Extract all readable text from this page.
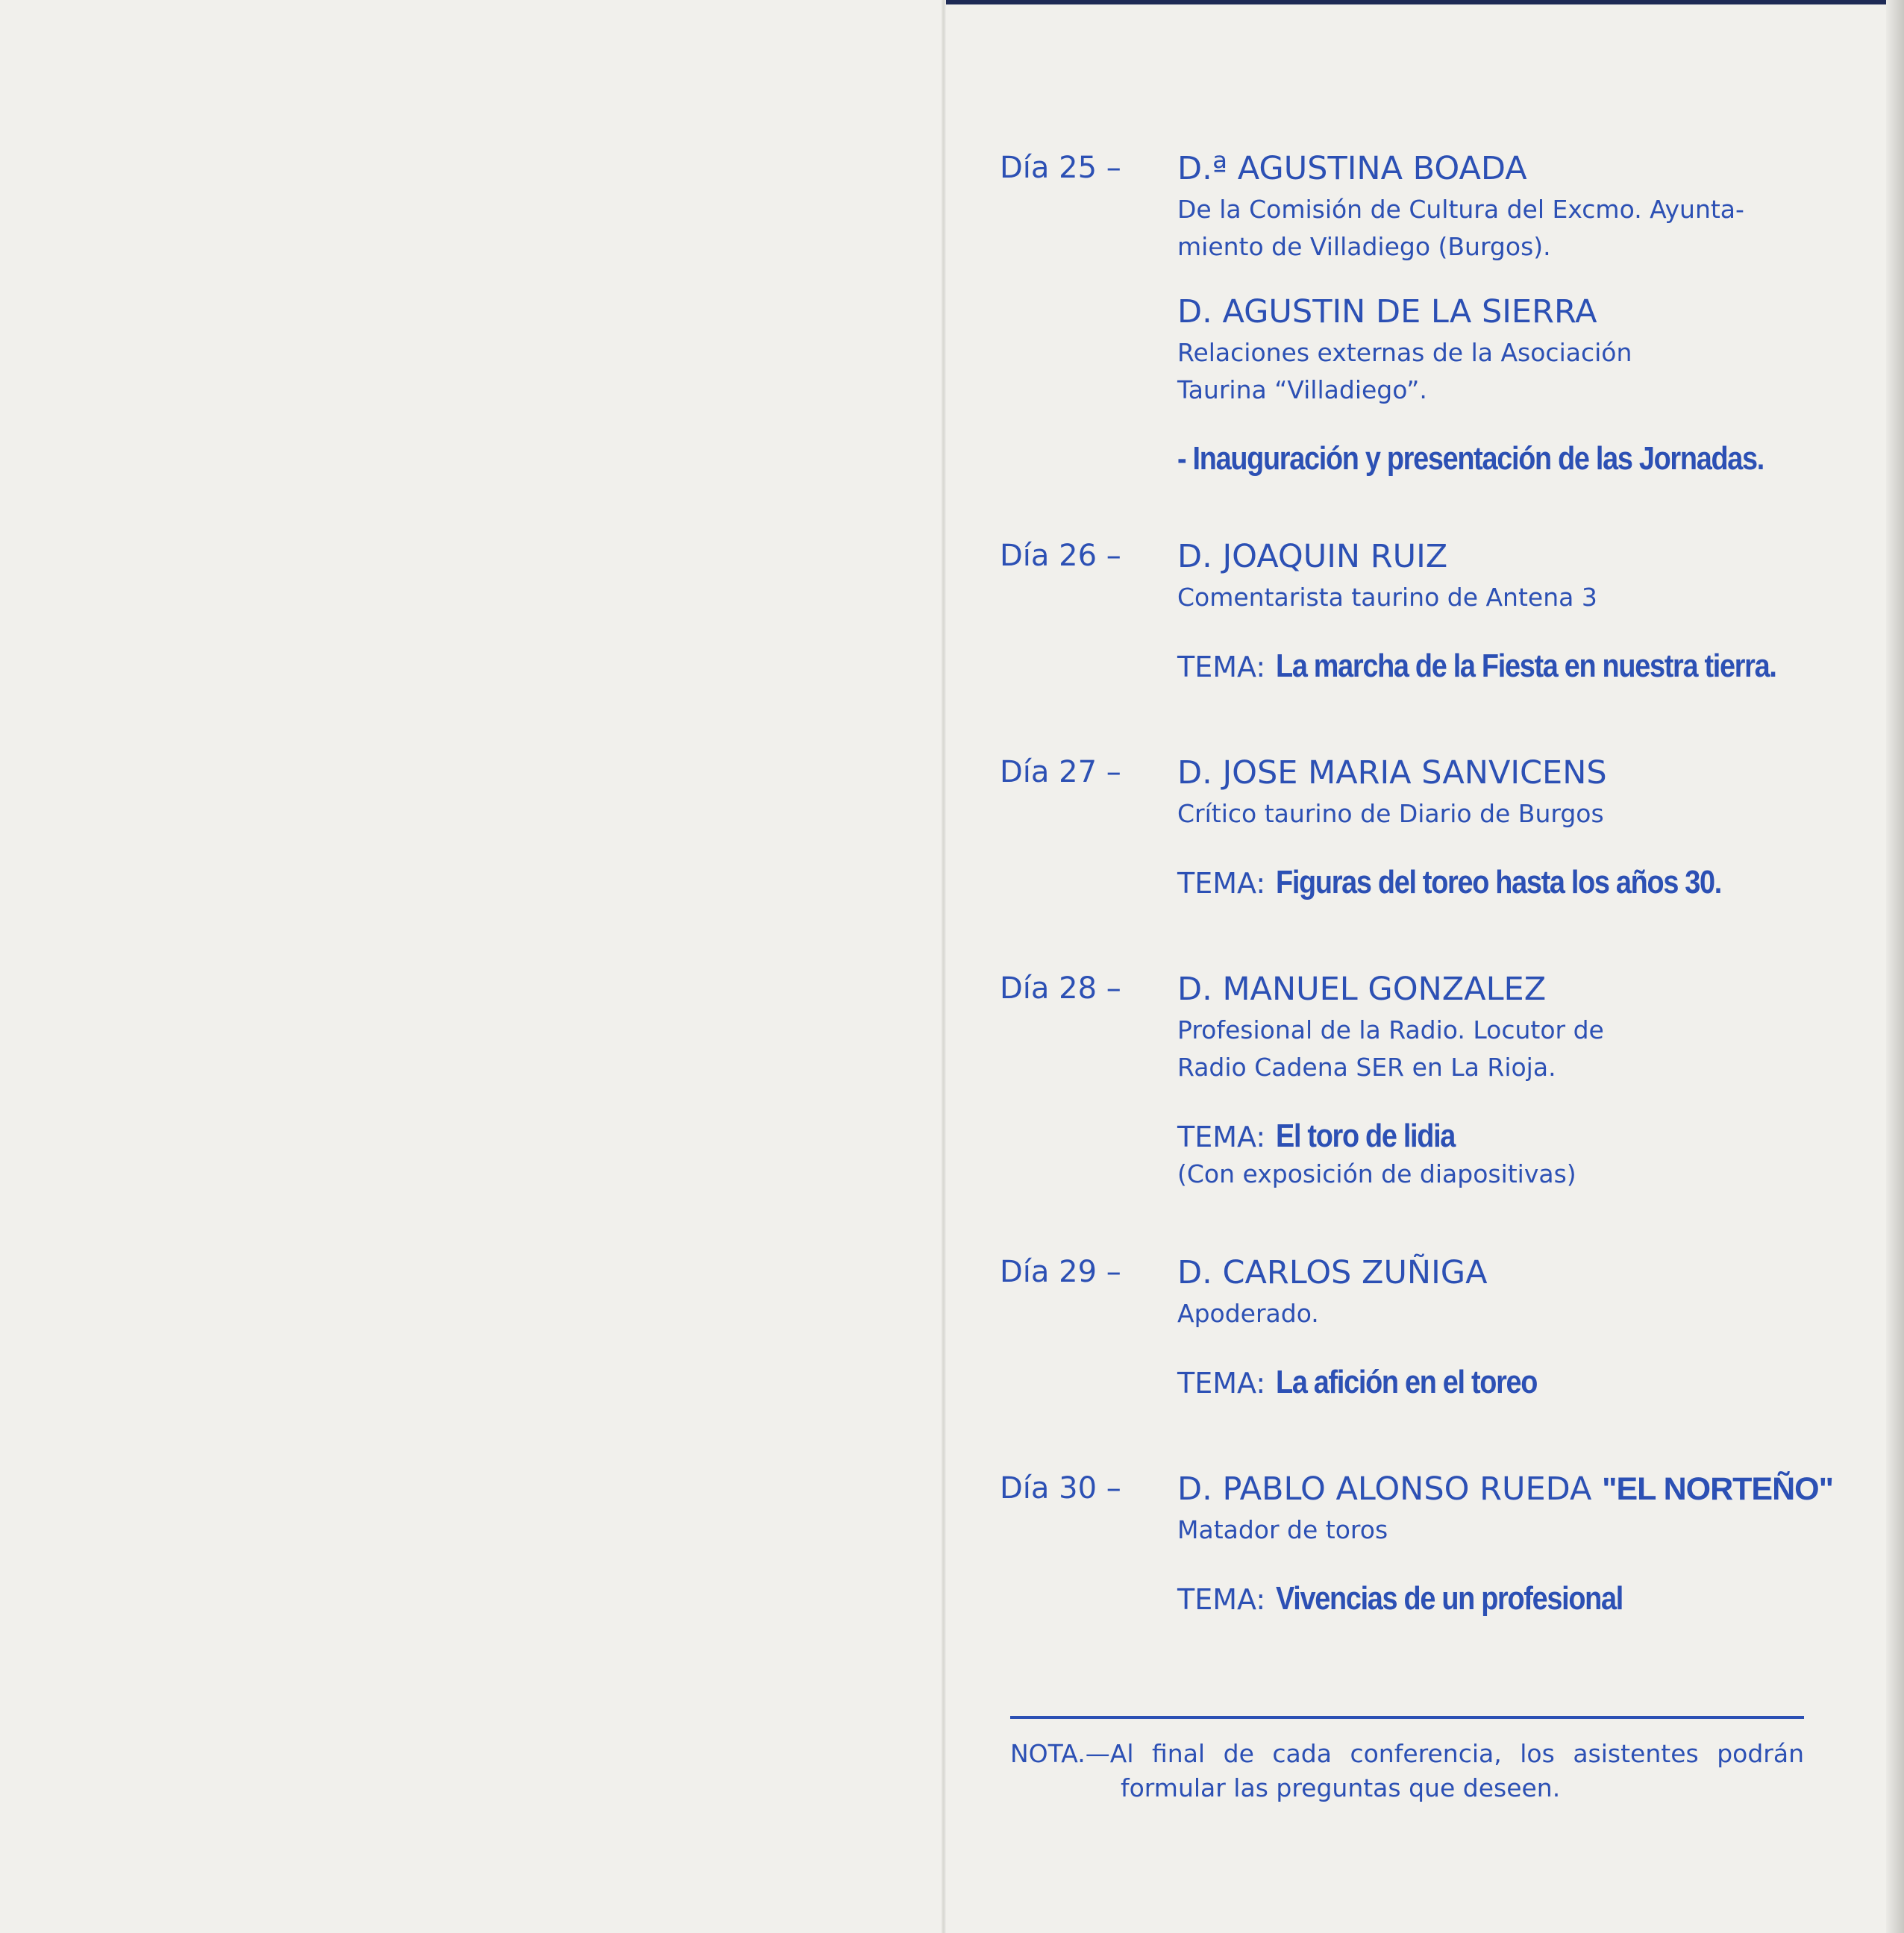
Día 25 – D.ª AGUSTINA BOADA
De la Comisión de Cultura del Excmo. Ayunta-
miento de Villadiego (Burgos).
D. AGUSTIN DE LA SIERRA
Relaciones externas de la Asociación
Taurina “Villadiego”.
- Inauguración y presentación de las Jornadas.
Día 26 – D. JOAQUIN RUIZ
Comentarista taurino de Antena 3
TEMA: La marcha de la Fiesta en nuestra tierra.
Día 27 – D. JOSE MARIA SANVICENS
Crítico taurino de Diario de Burgos
TEMA: Figuras del toreo hasta los años 30.
Día 28 – D. MANUEL GONZALEZ
Profesional de la Radio. Locutor de
Radio Cadena SER en La Rioja.
TEMA: El toro de lidia
(Con exposición de diapositivas)
Día 29 – D. CARLOS ZUÑIGA
Apoderado.
TEMA: La afición en el toreo
Día 30 – D. PABLO ALONSO RUEDA "EL NORTEÑO"
Matador de toros
TEMA: Vivencias de un profesional
NOTA.—Al final de cada conferencia, los asistentes podrán
formular las preguntas que deseen.
